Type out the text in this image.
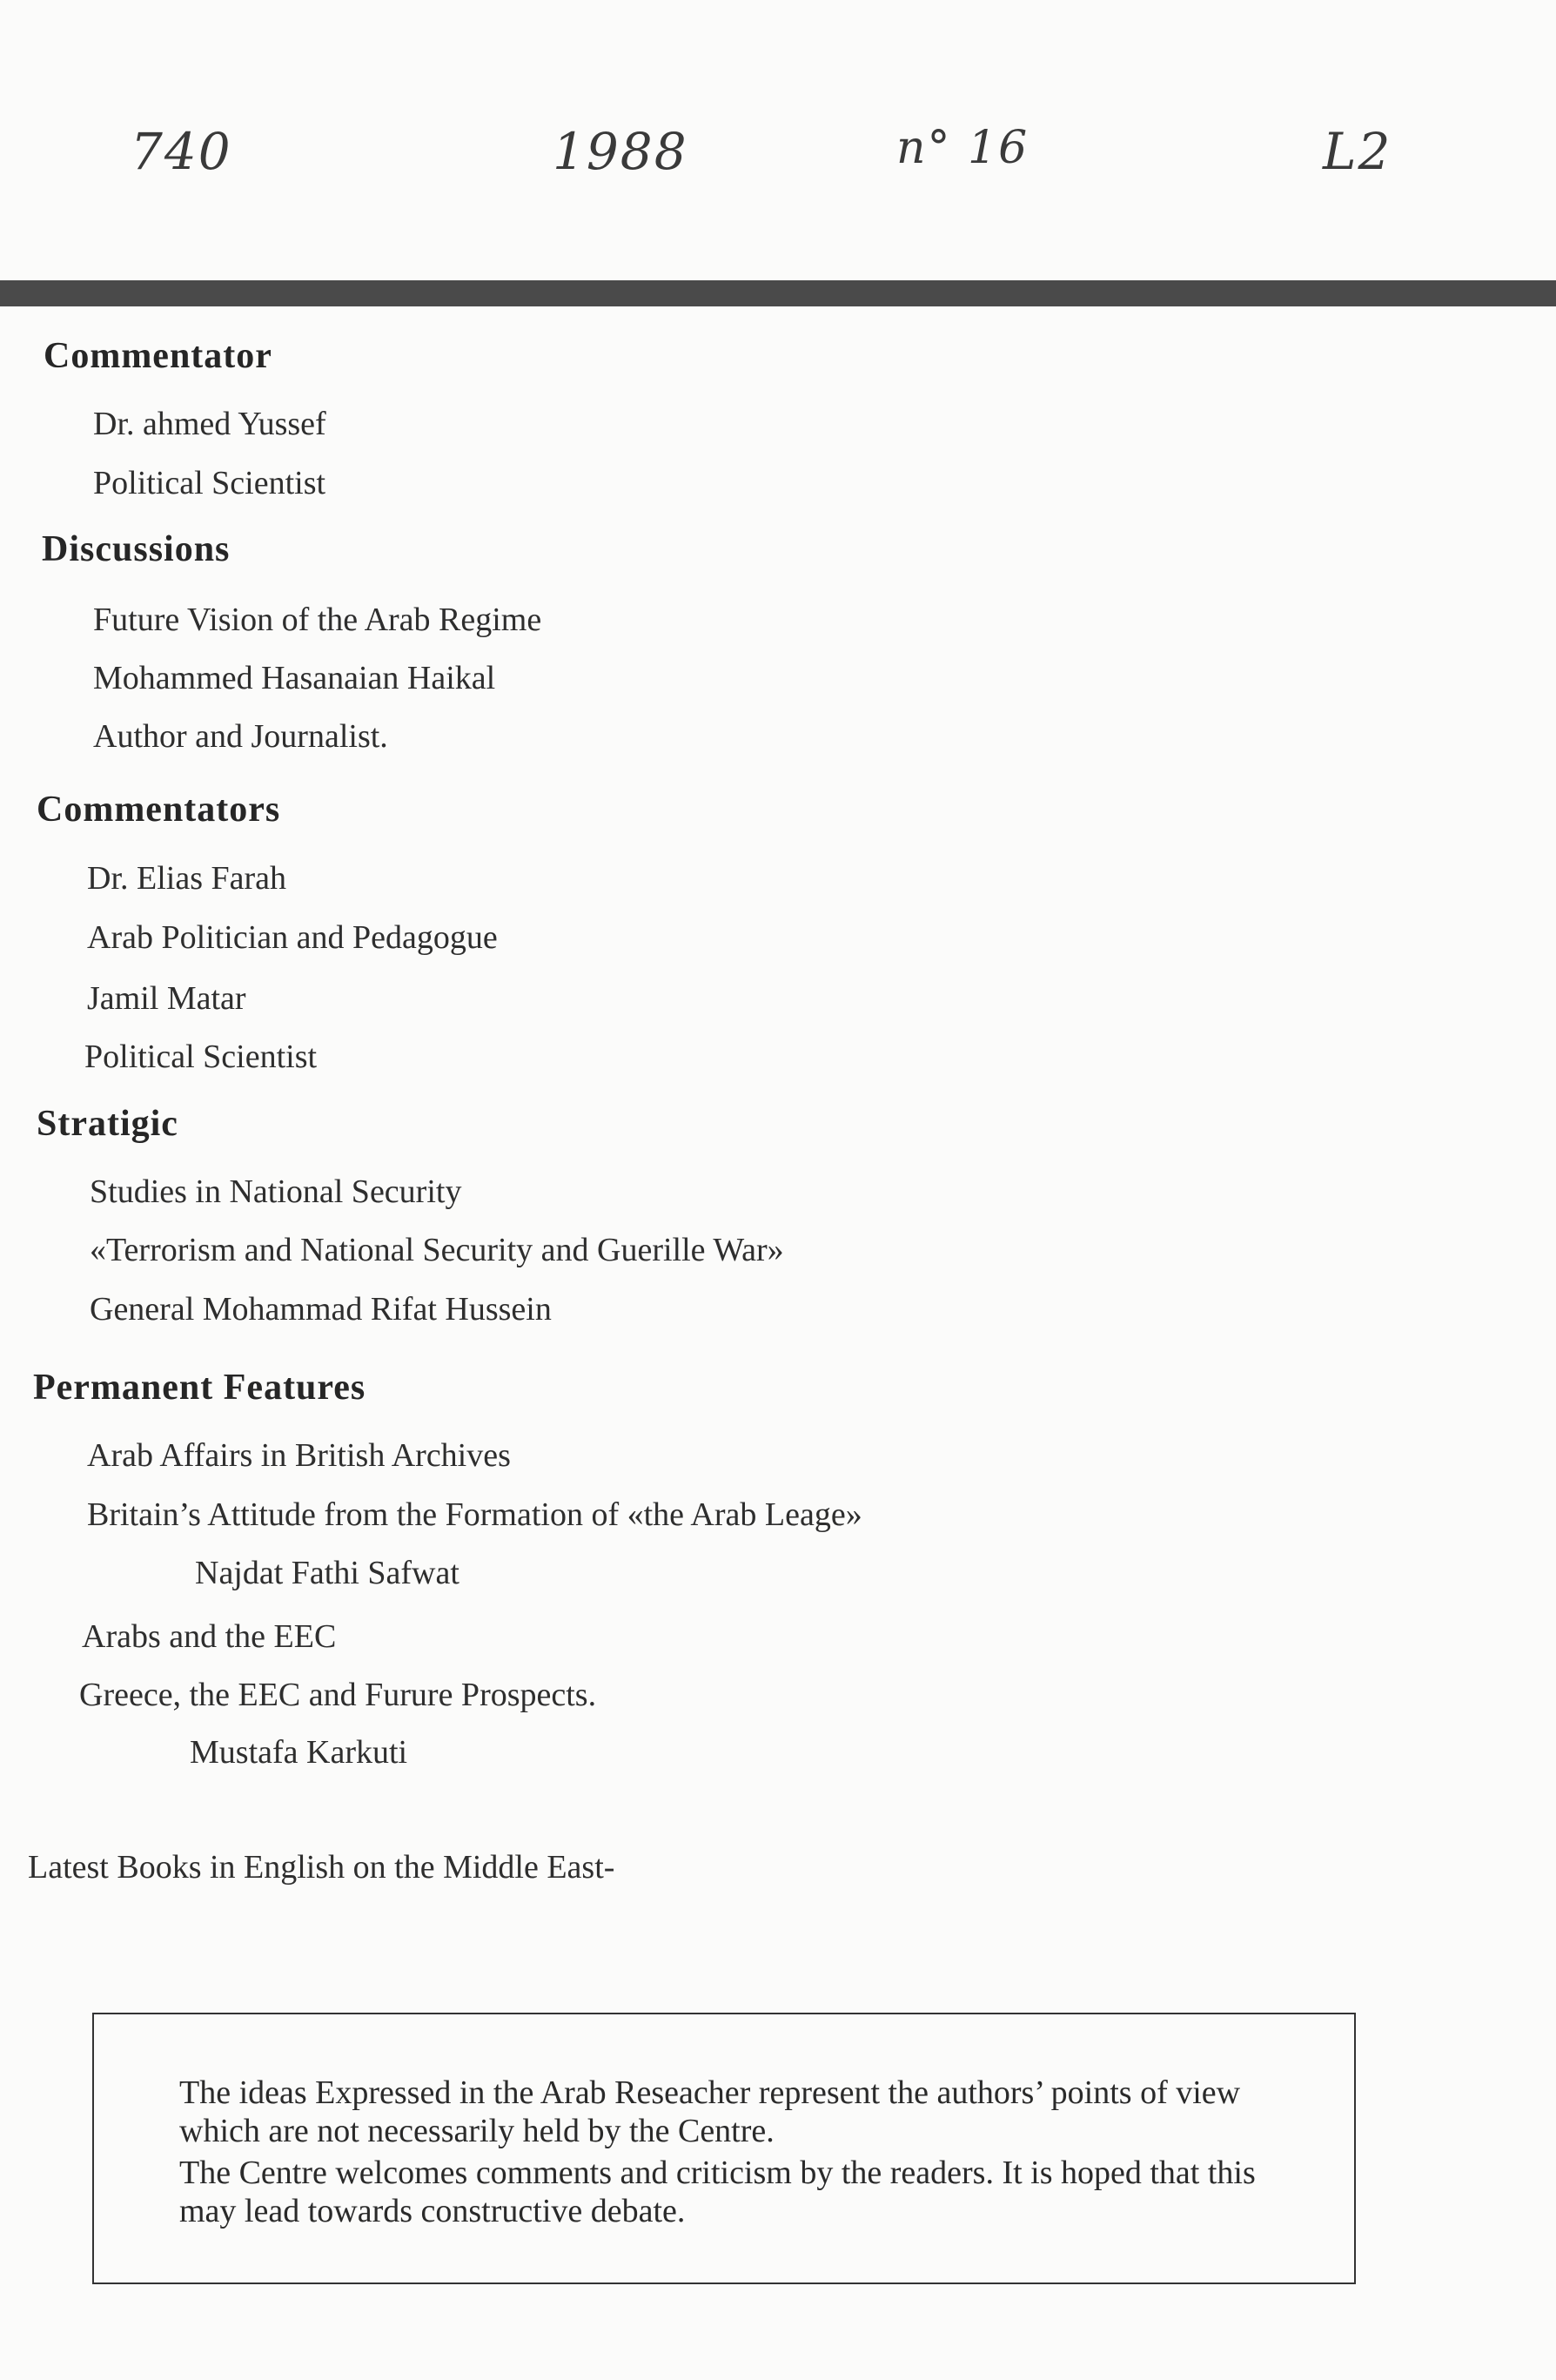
740	1988	n° 16	L2
Commentator
Dr. ahmed Yussef
Political Scientist
Discussions
Future Vision of the Arab Regime
Mohammed Hasanaian Haikal
Author and Journalist.
Commentators
Dr. Elias Farah
Arab Politician and Pedagogue
Jamil Matar
Political Scientist
Stratigic
Studies in National Security
«Terrorism and National Security and Guerille War»
General Mohammad Rifat Hussein
Permanent Features
Arab Affairs in British Archives
Britain’s Attitude from the Formation of «the Arab Leage»
Najdat Fathi Safwat
Arabs and the EEC
Greece, the EEC and Furure Prospects.
Mustafa Karkuti
Latest Books in English on the Middle East-

The ideas Expressed in the Arab Reseacher represent the authors’ points of view which are not necessarily held by the Centre.

The Centre welcomes comments and criticism by the readers. It is hoped that this may lead towards constructive debate.
